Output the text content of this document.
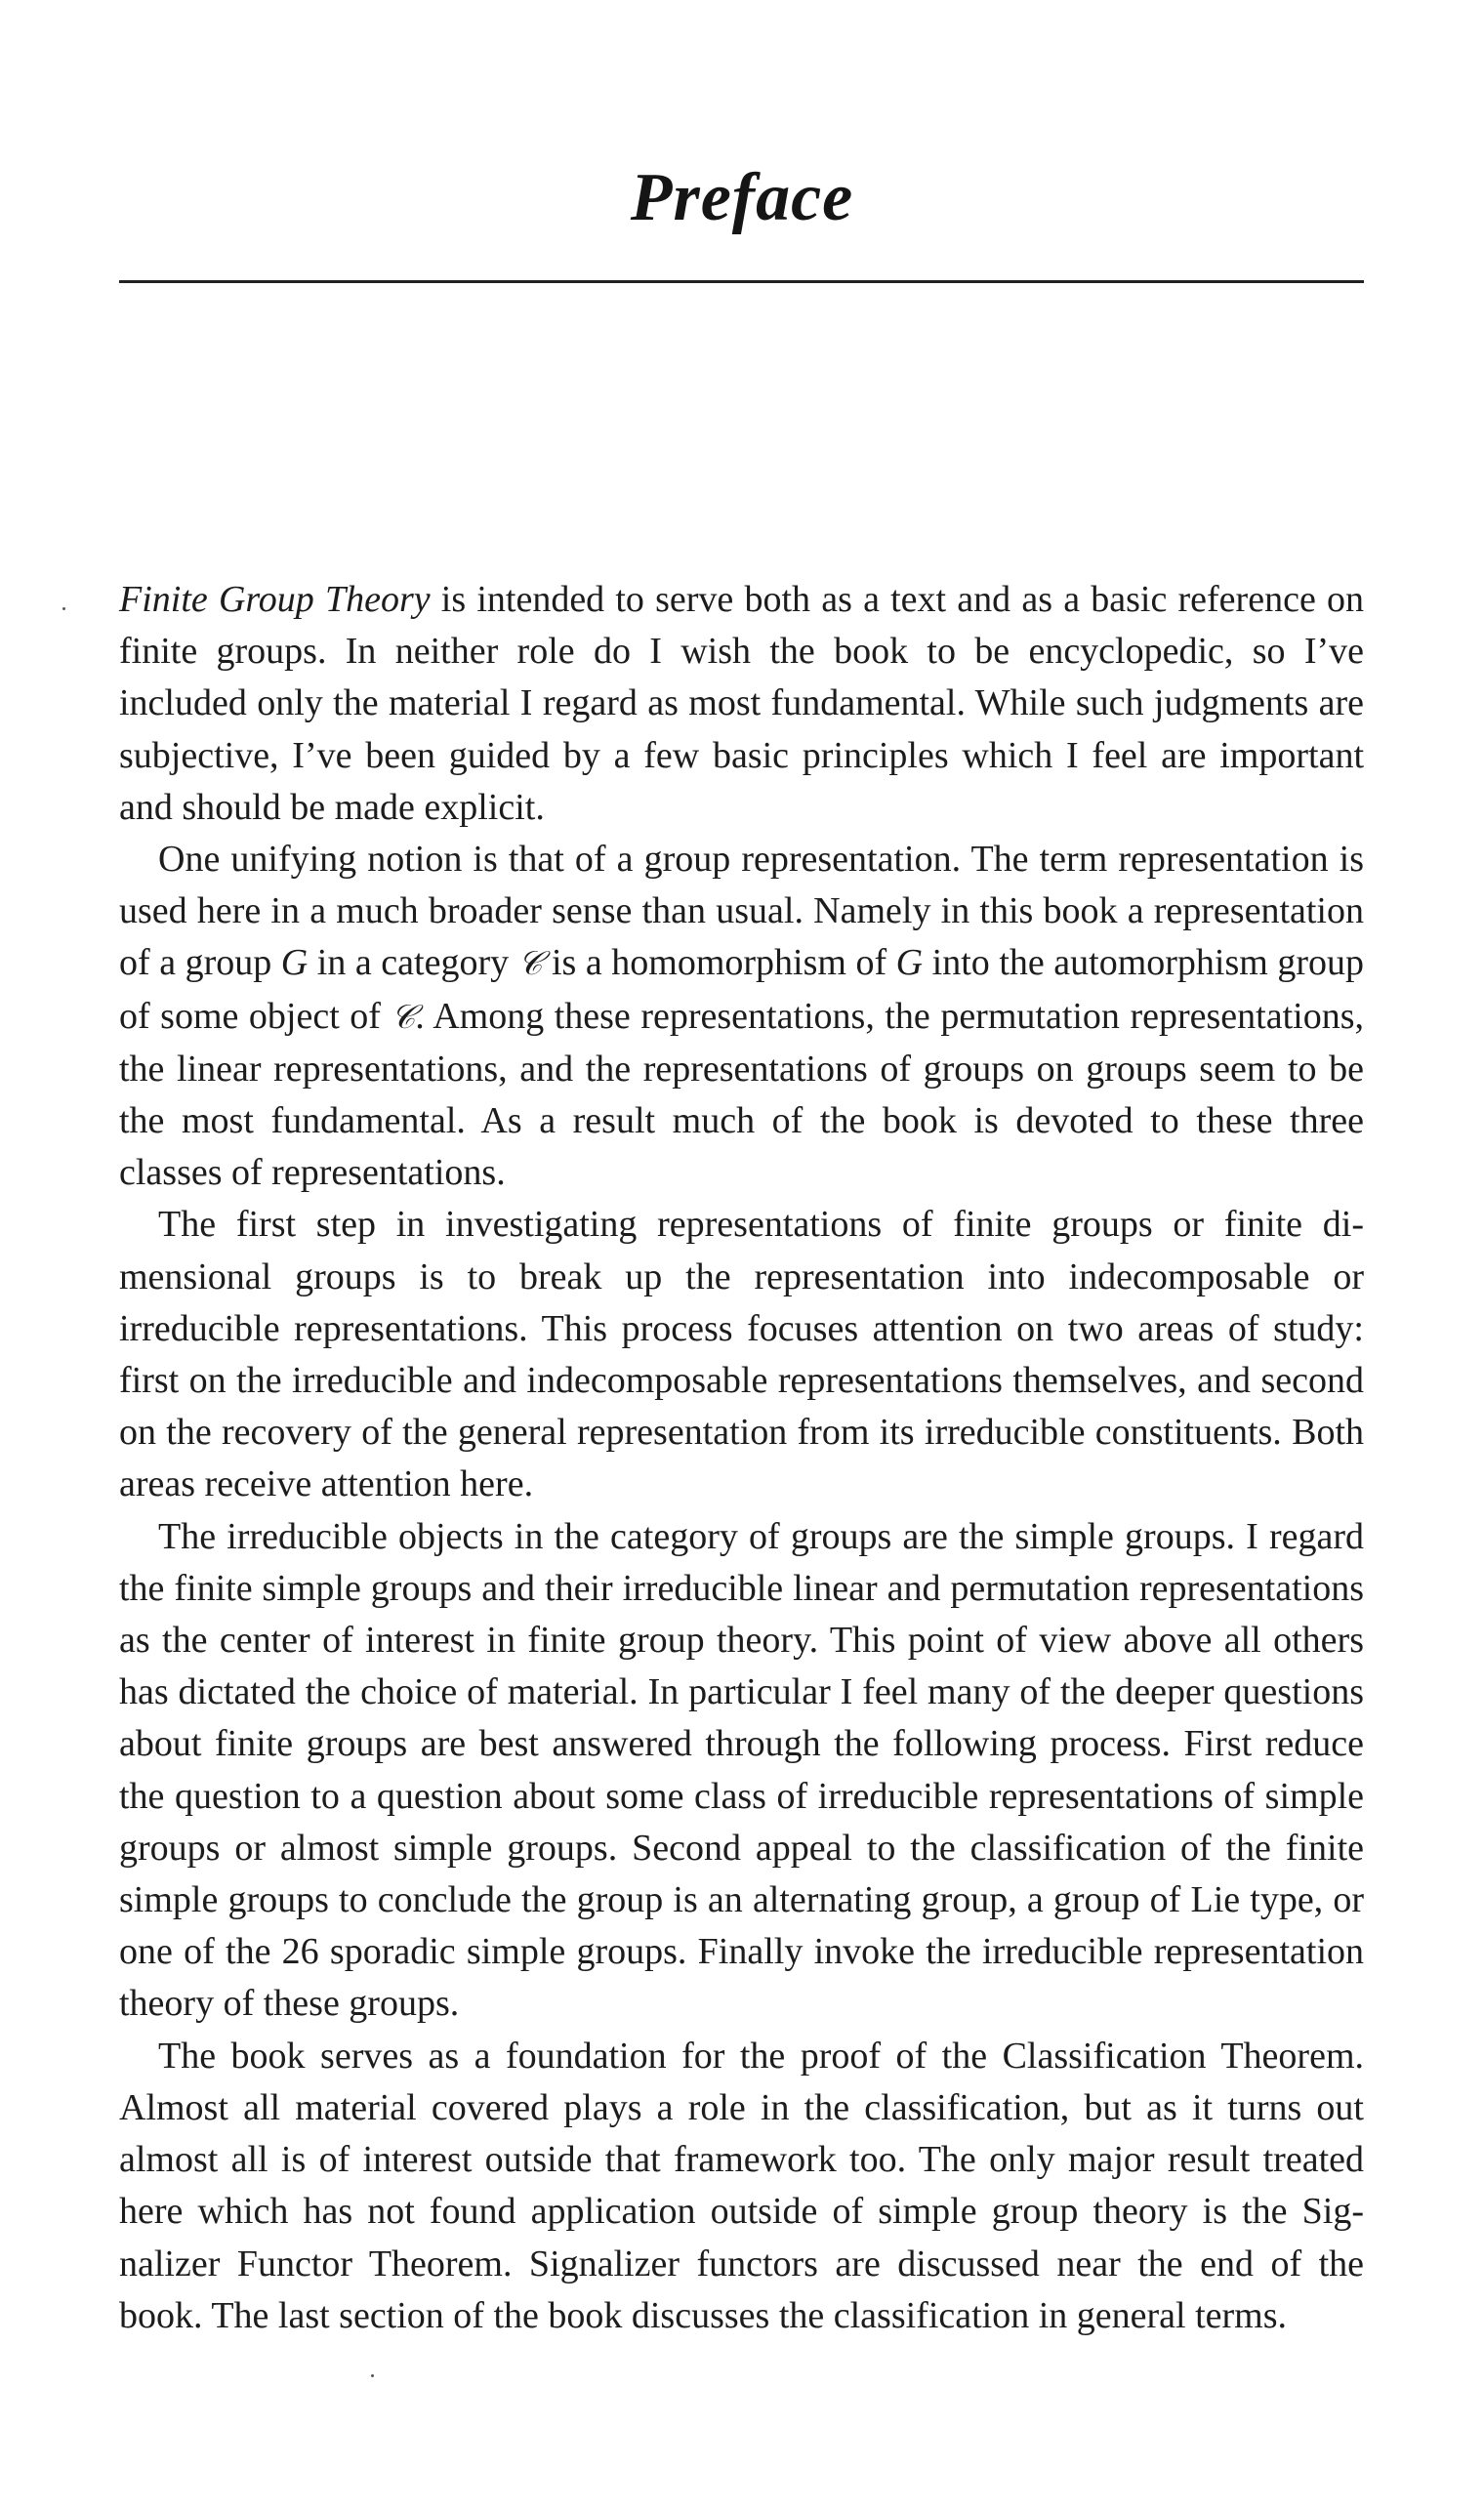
Preface

Finite Group Theory is intended to serve both as a text and as a basic reference on finite groups. In neither role do I wish the book to be encyclopedic, so I’ve included only the material I regard as most fundamental. While such judgments are subjective, I’ve been guided by a few basic principles which I feel are important and should be made explicit.

One unifying notion is that of a group representation. The term representation is used here in a much broader sense than usual. Namely in this book a representation of a group G in a category 𝒞 is a homomorphism of G into the automorphism group of some object of 𝒞. Among these representations, the permutation representations, the linear representations, and the representations of groups on groups seem to be the most fundamental. As a result much of the book is devoted to these three classes of representations.

The first step in investigating representations of finite groups or finite dimensional groups is to break up the representation into indecomposable or irreducible representations. This process focuses attention on two areas of study: first on the irreducible and indecomposable representations themselves, and second on the recovery of the general representation from its irreducible constituents. Both areas receive attention here.

The irreducible objects in the category of groups are the simple groups. I regard the finite simple groups and their irreducible linear and permutation representations as the center of interest in finite group theory. This point of view above all others has dictated the choice of material. In particular I feel many of the deeper questions about finite groups are best answered through the following process. First reduce the question to a question about some class of irreducible representations of simple groups or almost simple groups. Second appeal to the classification of the finite simple groups to conclude the group is an alternating group, a group of Lie type, or one of the 26 sporadic simple groups. Finally invoke the irreducible representation theory of these groups.

The book serves as a foundation for the proof of the Classification Theorem. Almost all material covered plays a role in the classification, but as it turns out almost all is of interest outside that framework too. The only major result treated here which has not found application outside of simple group theory is the Signalizer Functor Theorem. Signalizer functors are discussed near the end of the book. The last section of the book discusses the classification in general terms.
